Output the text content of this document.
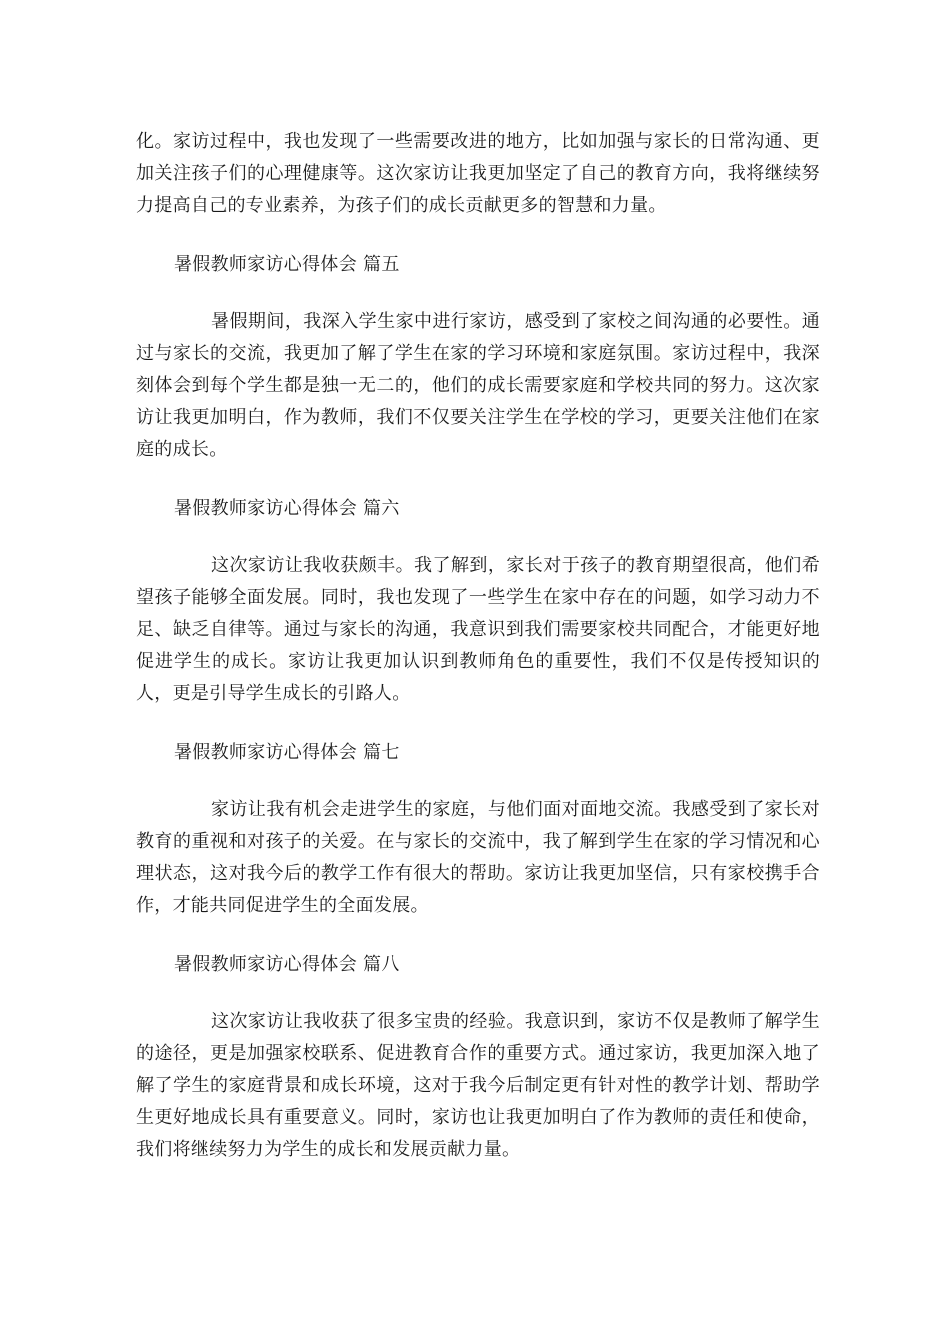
化。家访过程中，我也发现了一些需要改进的地方，比如加强与家长的日常沟通、更加关注孩子们的心理健康等。这次家访让我更加坚定了自己的教育方向，我将继续努力提高自己的专业素养，为孩子们的成长贡献更多的智慧和力量。

暑假教师家访心得体会 篇五

暑假期间，我深入学生家中进行家访，感受到了家校之间沟通的必要性。通过与家长的交流，我更加了解了学生在家的学习环境和家庭氛围。家访过程中，我深刻体会到每个学生都是独一无二的，他们的成长需要家庭和学校共同的努力。这次家访让我更加明白，作为教师，我们不仅要关注学生在学校的学习，更要关注他们在家庭的成长。

暑假教师家访心得体会 篇六

这次家访让我收获颇丰。我了解到，家长对于孩子的教育期望很高，他们希望孩子能够全面发展。同时，我也发现了一些学生在家中存在的问题，如学习动力不足、缺乏自律等。通过与家长的沟通，我意识到我们需要家校共同配合，才能更好地促进学生的成长。家访让我更加认识到教师角色的重要性，我们不仅是传授知识的人，更是引导学生成长的引路人。

暑假教师家访心得体会 篇七

家访让我有机会走进学生的家庭，与他们面对面地交流。我感受到了家长对教育的重视和对孩子的关爱。在与家长的交流中，我了解到学生在家的学习情况和心理状态，这对我今后的教学工作有很大的帮助。家访让我更加坚信，只有家校携手合作，才能共同促进学生的全面发展。

暑假教师家访心得体会 篇八

这次家访让我收获了很多宝贵的经验。我意识到，家访不仅是教师了解学生的途径，更是加强家校联系、促进教育合作的重要方式。通过家访，我更加深入地了解了学生的家庭背景和成长环境，这对于我今后制定更有针对性的教学计划、帮助学生更好地成长具有重要意义。同时，家访也让我更加明白了作为教师的责任和使命，我们将继续努力为学生的成长和发展贡献力量。
